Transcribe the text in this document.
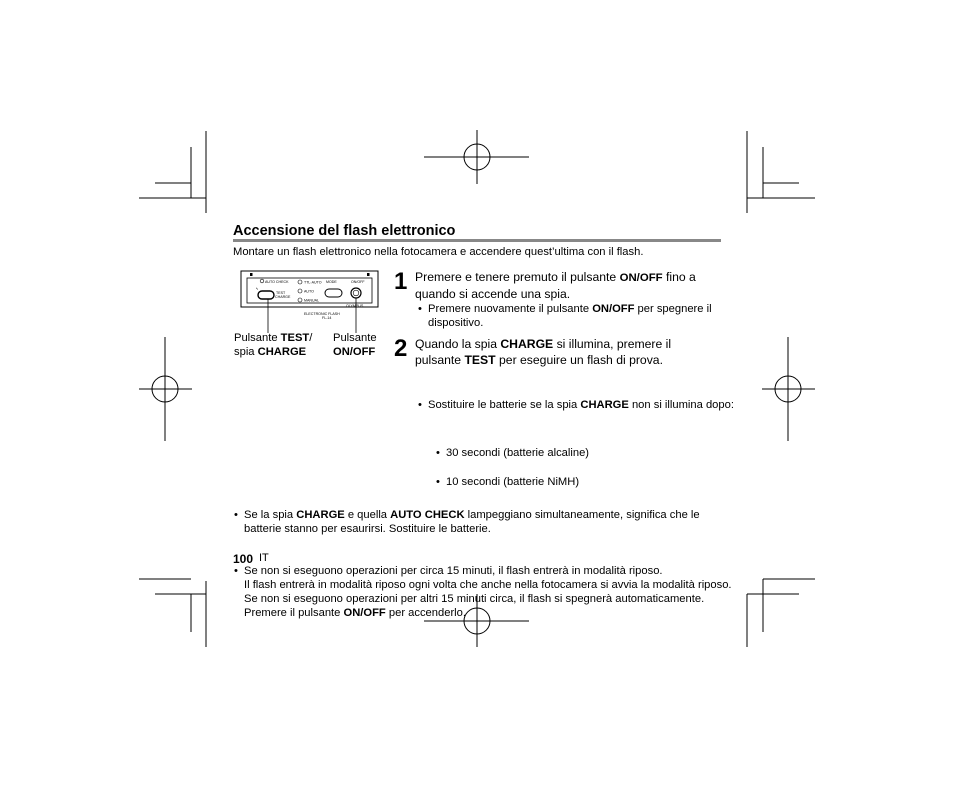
Accensione del flash elettronico
Montare un flash elettronico nella fotocamera e accendere quest’ultima con il flash.
AUTO CHECK
ϟ
TEST
CHARGE
TTL-AUTO
AUTO
MANUAL
MODE	ON/OFF
OLYMPUS
ELECTRONIC FLASH
FL-14
Pulsante TEST/
spia CHARGE
Pulsante
ON/OFF
1 Premere e tenere premuto il pulsante ON/OFF fino a quando si accende una spia.
• Premere nuovamente il pulsante ON/OFF per spegnere il dispositivo.
2 Quando la spia CHARGE si illumina, premere il pulsante TEST per eseguire un flash di prova.
• Sostituire le batterie se la spia CHARGE non si illumina dopo:
• 30 secondi (batterie alcaline)
• 10 secondi (batterie NiMH)
• Se la spia CHARGE e quella AUTO CHECK lampeggiano simultaneamente, significa che le batterie stanno per esaurirsi. Sostituire le batterie.
• Se non si eseguono operazioni per circa 15 minuti, il flash entrerà in modalità riposo.
Il flash entrerà in modalità riposo ogni volta che anche nella fotocamera si avvia la modalità riposo. Se non si eseguono operazioni per altri 15 minuti circa, il flash si spegnerà automaticamente. Premere il pulsante ON/OFF per accenderlo.
100 IT
